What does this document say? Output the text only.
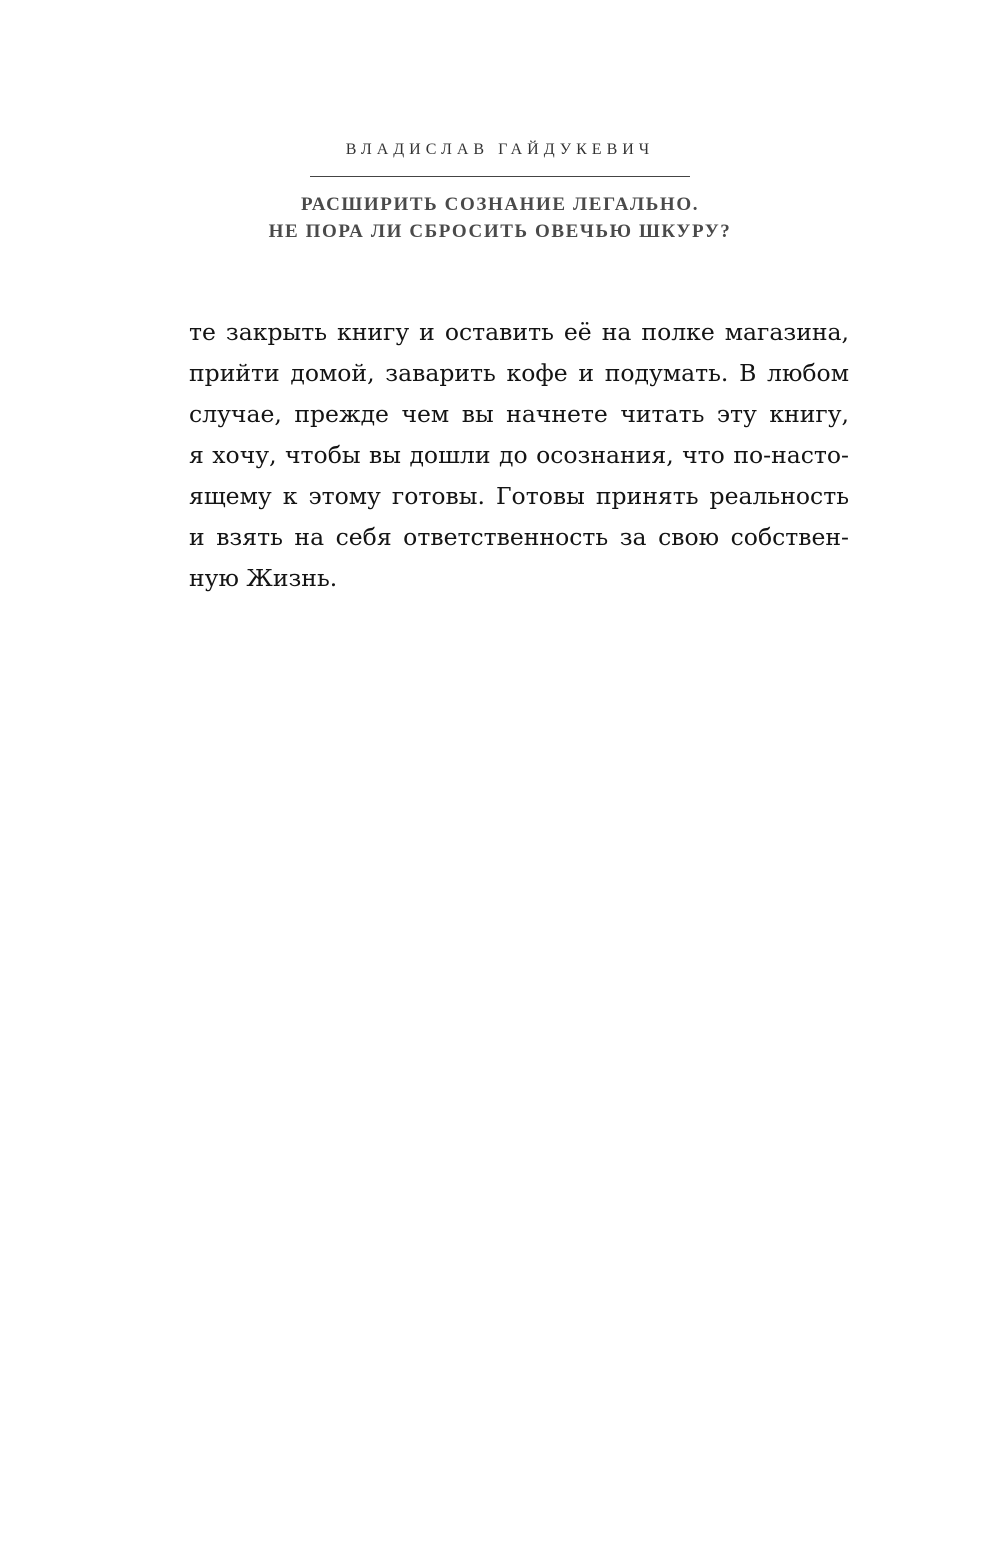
ВЛАДИСЛАВ ГАЙДУКЕВИЧ
РАСШИРИТЬ СОЗНАНИЕ ЛЕГАЛЬНО.
НЕ ПОРА ЛИ СБРОСИТЬ ОВЕЧЬЮ ШКУРУ?
те закрыть книгу и оставить её на полке магазина,
прийти домой, заварить кофе и подумать. В любом
случае, прежде чем вы начнете читать эту книгу,
я хочу, чтобы вы дошли до осознания, что по-насто-
ящему к этому готовы. Готовы принять реальность
и взять на себя ответственность за свою собствен-
ную Жизнь.
